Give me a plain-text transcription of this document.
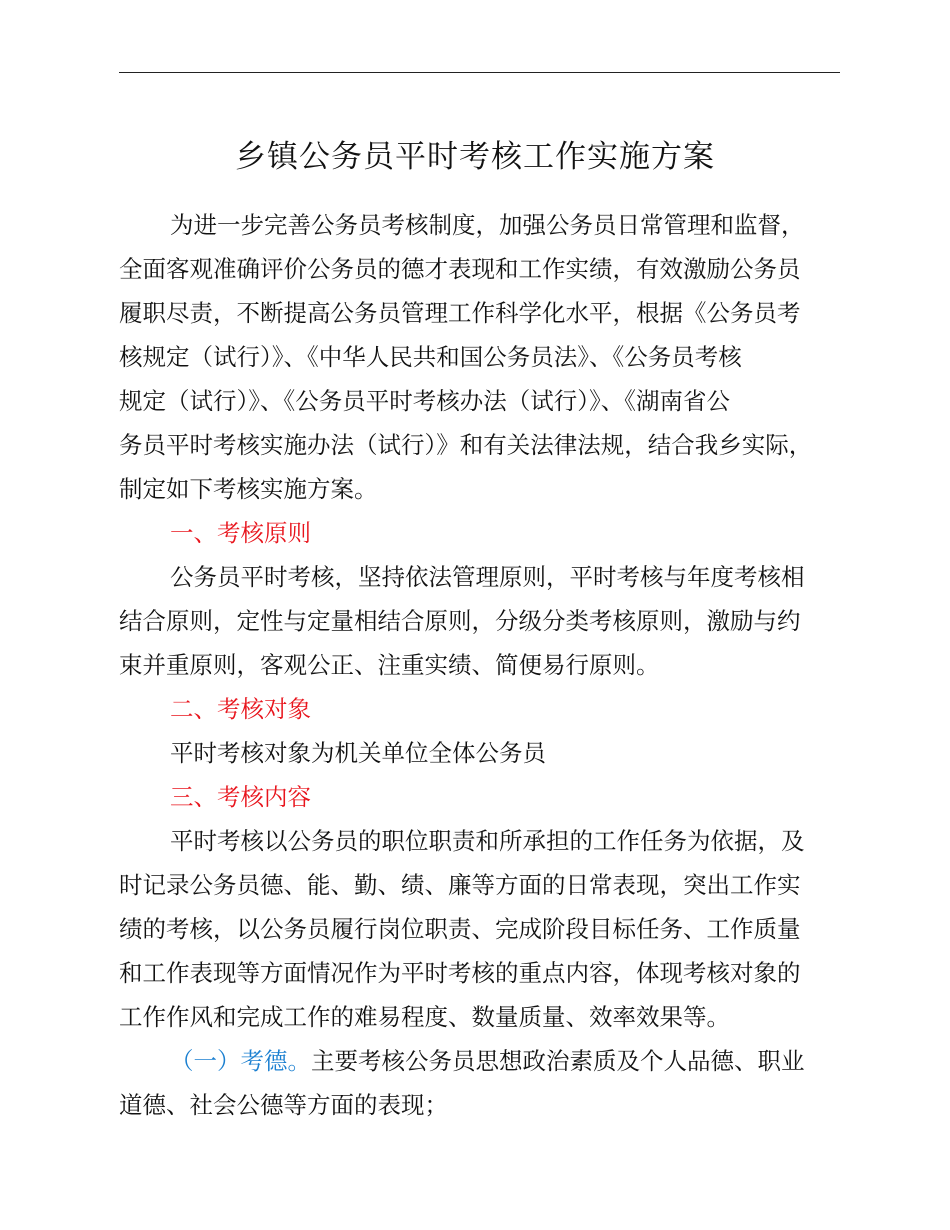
乡镇公务员平时考核工作实施方案

为进一步完善公务员考核制度，加强公务员日常管理和监督，

全面客观准确评价公务员的德才表现和工作实绩，有效激励公务员

履职尽责，不断提高公务员管理工作科学化水平，根据《公务员考

核规定（试行）》、《中华人民共和国公务员法》、《公务员考核

规定（试行）》、《公务员平时考核办法（试行）》、《湖南省公

务员平时考核实施办法（试行）》和有关法律法规，结合我乡实际，

制定如下考核实施方案。

一、考核原则

公务员平时考核，坚持依法管理原则，平时考核与年度考核相

结合原则，定性与定量相结合原则，分级分类考核原则，激励与约

束并重原则，客观公正、注重实绩、简便易行原则。

二、考核对象

平时考核对象为机关单位全体公务员

三、考核内容

平时考核以公务员的职位职责和所承担的工作任务为依据，及

时记录公务员德、能、勤、绩、廉等方面的日常表现，突出工作实

绩的考核，以公务员履行岗位职责、完成阶段目标任务、工作质量

和工作表现等方面情况作为平时考核的重点内容，体现考核对象的

工作作风和完成工作的难易程度、数量质量、效率效果等。

（一）考德。主要考核公务员思想政治素质及个人品德、职业

道德、社会公德等方面的表现；
